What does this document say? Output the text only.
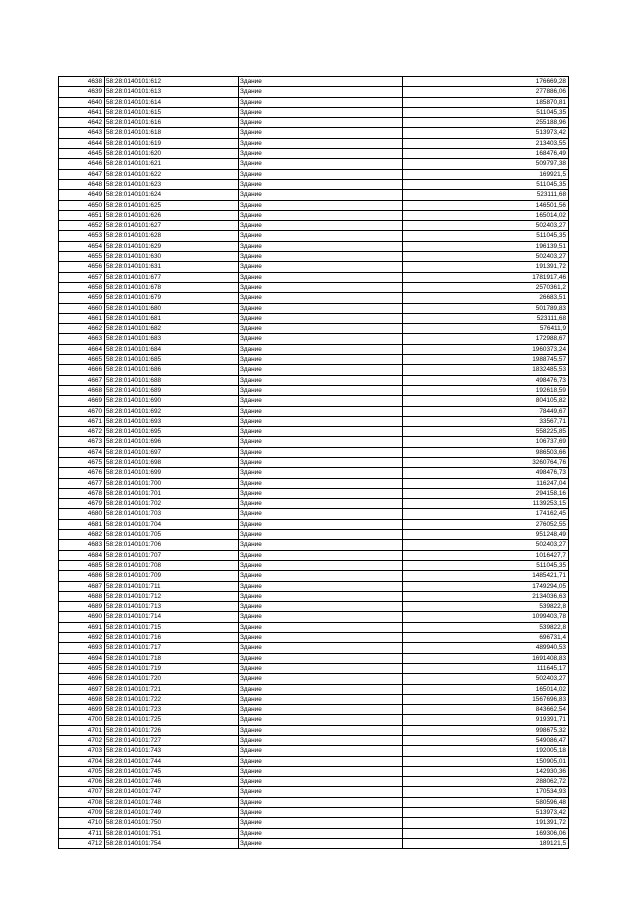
4638	58:28:0140101:612	Здание	176669,28
4639	58:28:0140101:613	Здание	277886,06
4640	58:28:0140101:614	Здание	185870,81
4641	58:28:0140101:615	Здание	511045,35
4642	58:28:0140101:616	Здание	255188,96
4643	58:28:0140101:618	Здание	513973,42
4644	58:28:0140101:619	Здание	213403,55
4645	58:28:0140101:620	Здание	168476,49
4646	58:28:0140101:621	Здание	509797,38
4647	58:28:0140101:622	Здание	169921,5
4648	58:28:0140101:623	Здание	511045,35
4649	58:28:0140101:624	Здание	523111,68
4650	58:28:0140101:625	Здание	146501,56
4651	58:28:0140101:626	Здание	165014,02
4652	58:28:0140101:627	Здание	502403,27
4653	58:28:0140101:628	Здание	511045,35
4654	58:28:0140101:629	Здание	196139,51
4655	58:28:0140101:630	Здание	502403,27
4656	58:28:0140101:631	Здание	191391,72
4657	58:28:0140101:677	Здание	1781917,46
4658	58:28:0140101:678	Здание	2570361,2
4659	58:28:0140101:679	Здание	26683,51
4660	58:28:0140101:680	Здание	501789,83
4661	58:28:0140101:681	Здание	523111,68
4662	58:28:0140101:682	Здание	576411,9
4663	58:28:0140101:683	Здание	172988,67
4664	58:28:0140101:684	Здание	1960373,24
4665	58:28:0140101:685	Здание	1988745,57
4666	58:28:0140101:686	Здание	1832485,53
4667	58:28:0140101:688	Здание	498476,73
4668	58:28:0140101:689	Здание	192618,59
4669	58:28:0140101:690	Здание	804105,82
4670	58:28:0140101:692	Здание	78449,67
4671	58:28:0140101:693	Здание	33567,71
4672	58:28:0140101:695	Здание	558225,85
4673	58:28:0140101:696	Здание	106737,69
4674	58:28:0140101:697	Здание	986503,66
4675	58:28:0140101:698	Здание	3260764,76
4676	58:28:0140101:699	Здание	498476,73
4677	58:28:0140101:700	Здание	116247,04
4678	58:28:0140101:701	Здание	294158,16
4679	58:28:0140101:702	Здание	1139253,15
4680	58:28:0140101:703	Здание	174162,45
4681	58:28:0140101:704	Здание	276052,55
4682	58:28:0140101:705	Здание	951248,49
4683	58:28:0140101:706	Здание	502403,27
4684	58:28:0140101:707	Здание	1016427,7
4685	58:28:0140101:708	Здание	511045,35
4686	58:28:0140101:709	Здание	1485421,71
4687	58:28:0140101:711	Здание	1749294,05
4688	58:28:0140101:712	Здание	2134036,63
4689	58:28:0140101:713	Здание	539822,8
4690	58:28:0140101:714	Здание	1099403,78
4691	58:28:0140101:715	Здание	539822,8
4692	58:28:0140101:716	Здание	696731,4
4693	58:28:0140101:717	Здание	489940,53
4694	58:28:0140101:718	Здание	1691408,83
4695	58:28:0140101:719	Здание	111645,17
4696	58:28:0140101:720	Здание	502403,27
4697	58:28:0140101:721	Здание	165014,02
4698	58:28:0140101:722	Здание	1567696,83
4699	58:28:0140101:723	Здание	843662,54
4700	58:28:0140101:725	Здание	919391,71
4701	58:28:0140101:726	Здание	998675,32
4702	58:28:0140101:727	Здание	549086,47
4703	58:28:0140101:743	Здание	192005,18
4704	58:28:0140101:744	Здание	150905,01
4705	58:28:0140101:745	Здание	142930,36
4706	58:28:0140101:746	Здание	288062,72
4707	58:28:0140101:747	Здание	170534,93
4708	58:28:0140101:748	Здание	580596,48
4709	58:28:0140101:749	Здание	513973,42
4710	58:28:0140101:750	Здание	191391,72
4711	58:28:0140101:751	Здание	169306,06
4712	58:28:0140101:754	Здание	189121,5
